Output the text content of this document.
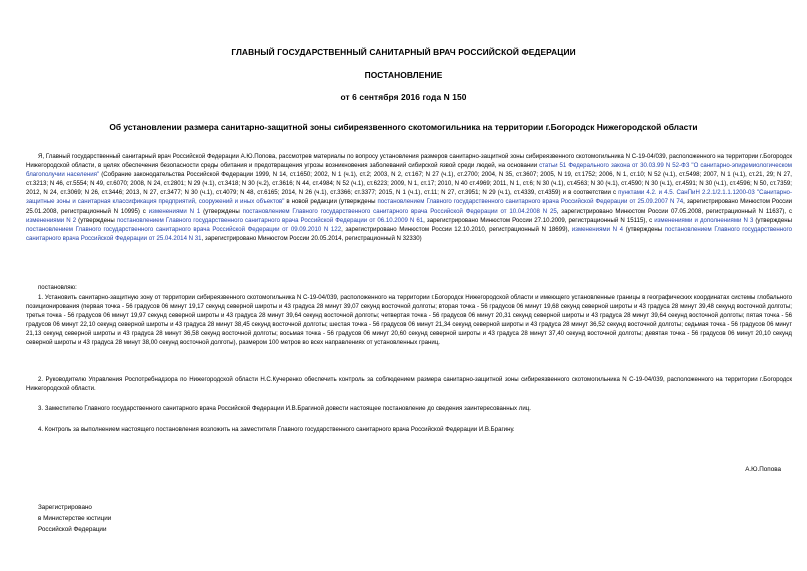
ГЛАВНЫЙ ГОСУДАРСТВЕННЫЙ САНИТАРНЫЙ ВРАЧ РОССИЙСКОЙ ФЕДЕРАЦИИ
ПОСТАНОВЛЕНИЕ
от 6 сентября 2016 года N 150
Об установлении размера санитарно-защитной зоны сибиреязвенного скотомогильника на территории г.Богородск Нижегородской области

Я, Главный государственный санитарный врач Российской Федерации А.Ю.Попова, рассмотрев материалы по вопросу установления размеров санитарно-защитной зоны сибиреязвенного скотомогильника N С-19-04/039, расположенного на территории г.Богородск Нижегородской области, в целях обеспечения безопасности среды обитания и предотвращения угрозы возникновения заболеваний сибирской язвой среди людей, на основании статьи 51 Федерального закона от 30.03.99 N 52-ФЗ "О санитарно-эпидемиологическом благополучии населения" (Собрание законодательства Российской Федерации 1999, N 14, ст.1650; 2002, N 1 (ч.1), ст.2; 2003, N 2, ст.167; N 27 (ч.1), ст.2700; 2004, N 35, ст.3607; 2005, N 19, ст.1752; 2006, N 1, ст.10; N 52 (ч.1), ст.5498; 2007, N 1 (ч.1), ст.21, 29; N 27, ст.3213; N 46, ст.5554; N 49, ст.6070; 2008, N 24, ст.2801; N 29 (ч.1), ст.3418; N 30 (ч.2), ст.3616; N 44, ст.4984; N 52 (ч.1), ст.6223; 2009, N 1, ст.17; 2010, N 40 ст.4969; 2011, N 1, ст.6; N 30 (ч.1), ст.4563; N 30 (ч.1), ст.4590; N 30 (ч.1), ст.4591; N 30 (ч.1), ст.4596; N 50, ст.7359; 2012, N 24, ст.3069; N 26, ст.3446; 2013, N 27, ст.3477; N 30 (ч.1), ст.4079; N 48, ст.6165; 2014, N 26 (ч.1), ст.3366; ст.3377; 2015, N 1 (ч.1), ст.11; N 27, ст.3951; N 29 (ч.1), ст.4339, ст.4359) и в соответствии с пунктами 4.2. и 4.5. СанПиН 2.2.1/2.1.1.1200-03 "Санитарно-защитные зоны и санитарная классификация предприятий, сооружений и иных объектов" в новой редакции (утверждены постановлением Главного государственного санитарного врача Российской Федерации от 25.09.2007 N 74, зарегистрировано Минюстом России 25.01.2008, регистрационный N 10995) с изменениями N 1 (утверждены постановлением Главного государственного санитарного врача Российской Федерации от 10.04.2008 N 25, зарегистрировано Минюстом России 07.05.2008, регистрационный N 11637), с изменениями N 2 (утверждены постановлением Главного государственного санитарного врача Российской Федерации от 06.10.2009 N 61, зарегистрировано Минюстом России 27.10.2009, регистрационный N 15115), с изменениями и дополнениями N 3 (утверждены постановлением Главного государственного санитарного врача Российской Федерации от 09.09.2010 N 122, зарегистрировано Минюстом России 12.10.2010, регистрационный N 18699), изменениями N 4 (утверждены постановлением Главного государственного санитарного врача Российской Федерации от 25.04.2014 N 31, зарегистрировано Минюстом России 20.05.2014, регистрационный N 32330)

постановляю:

1. Установить санитарно-защитную зону от территории сибиреязвенного скотомогильника N С-19-04/039, расположенного на территории г.Богородск Нижегородской области и имеющего установленные границы в географических координатах системы глобального позиционирования (первая точка - 56 градусов 06 минут 19,17 секунд северной широты и 43 градуса 28 минут 39,07 секунд восточной долготы; вторая точка - 56 градусов 06 минут 19,68 секунд северной широты и 43 градуса 28 минут 39,48 секунд восточной долготы; третья точка - 56 градусов 06 минут 19,97 секунд северной широты и 43 градуса 28 минут 39,64 секунд восточной долготы; четвертая точка - 56 градусов 06 минут 20,31 секунд северной широты и 43 градуса 28 минут 39,64 секунд восточной долготы; пятая точка - 56 градусов 06 минут 22,10 секунд северной широты и 43 градуса 28 минут 38,45 секунд восточной долготы; шестая точка - 56 градусов 06 минут 21,34 секунд северной широты и 43 градуса 28 минут 36,52 секунд восточной долготы; седьмая точка - 56 градусов 06 минут 21,13 секунд северной широты и 43 градуса 28 минут 36,58 секунд восточной долготы; восьмая точка - 56 градусов 06 минут 20,60 секунд северной широты и 43 градуса 28 минут 37,40 секунд восточной долготы; девятая точка - 56 градусов 06 минут 20,10 секунд северной широты и 43 градуса 28 минут 38,00 секунд восточной долготы), размером 100 метров во всех направлениях от установленных границ.

2. Руководителю Управления Роспотребнадзора по Нижегородской области Н.С.Кучеренко обеспечить контроль за соблюдением размера санитарно-защитной зоны сибиреязвенного скотомогильника N С-19-04/039, расположенного на территории г.Богородск Нижегородской области.

3. Заместителю Главного государственного санитарного врача Российской Федерации И.В.Брагиной довести настоящее постановление до сведения заинтересованных лиц.

4. Контроль за выполнением настоящего постановления возложить на заместителя Главного государственного санитарного врача Российской Федерации И.В.Брагину.

А.Ю.Попова
Зарегистрировано
в Министерстве юстиции
Российской Федерации
